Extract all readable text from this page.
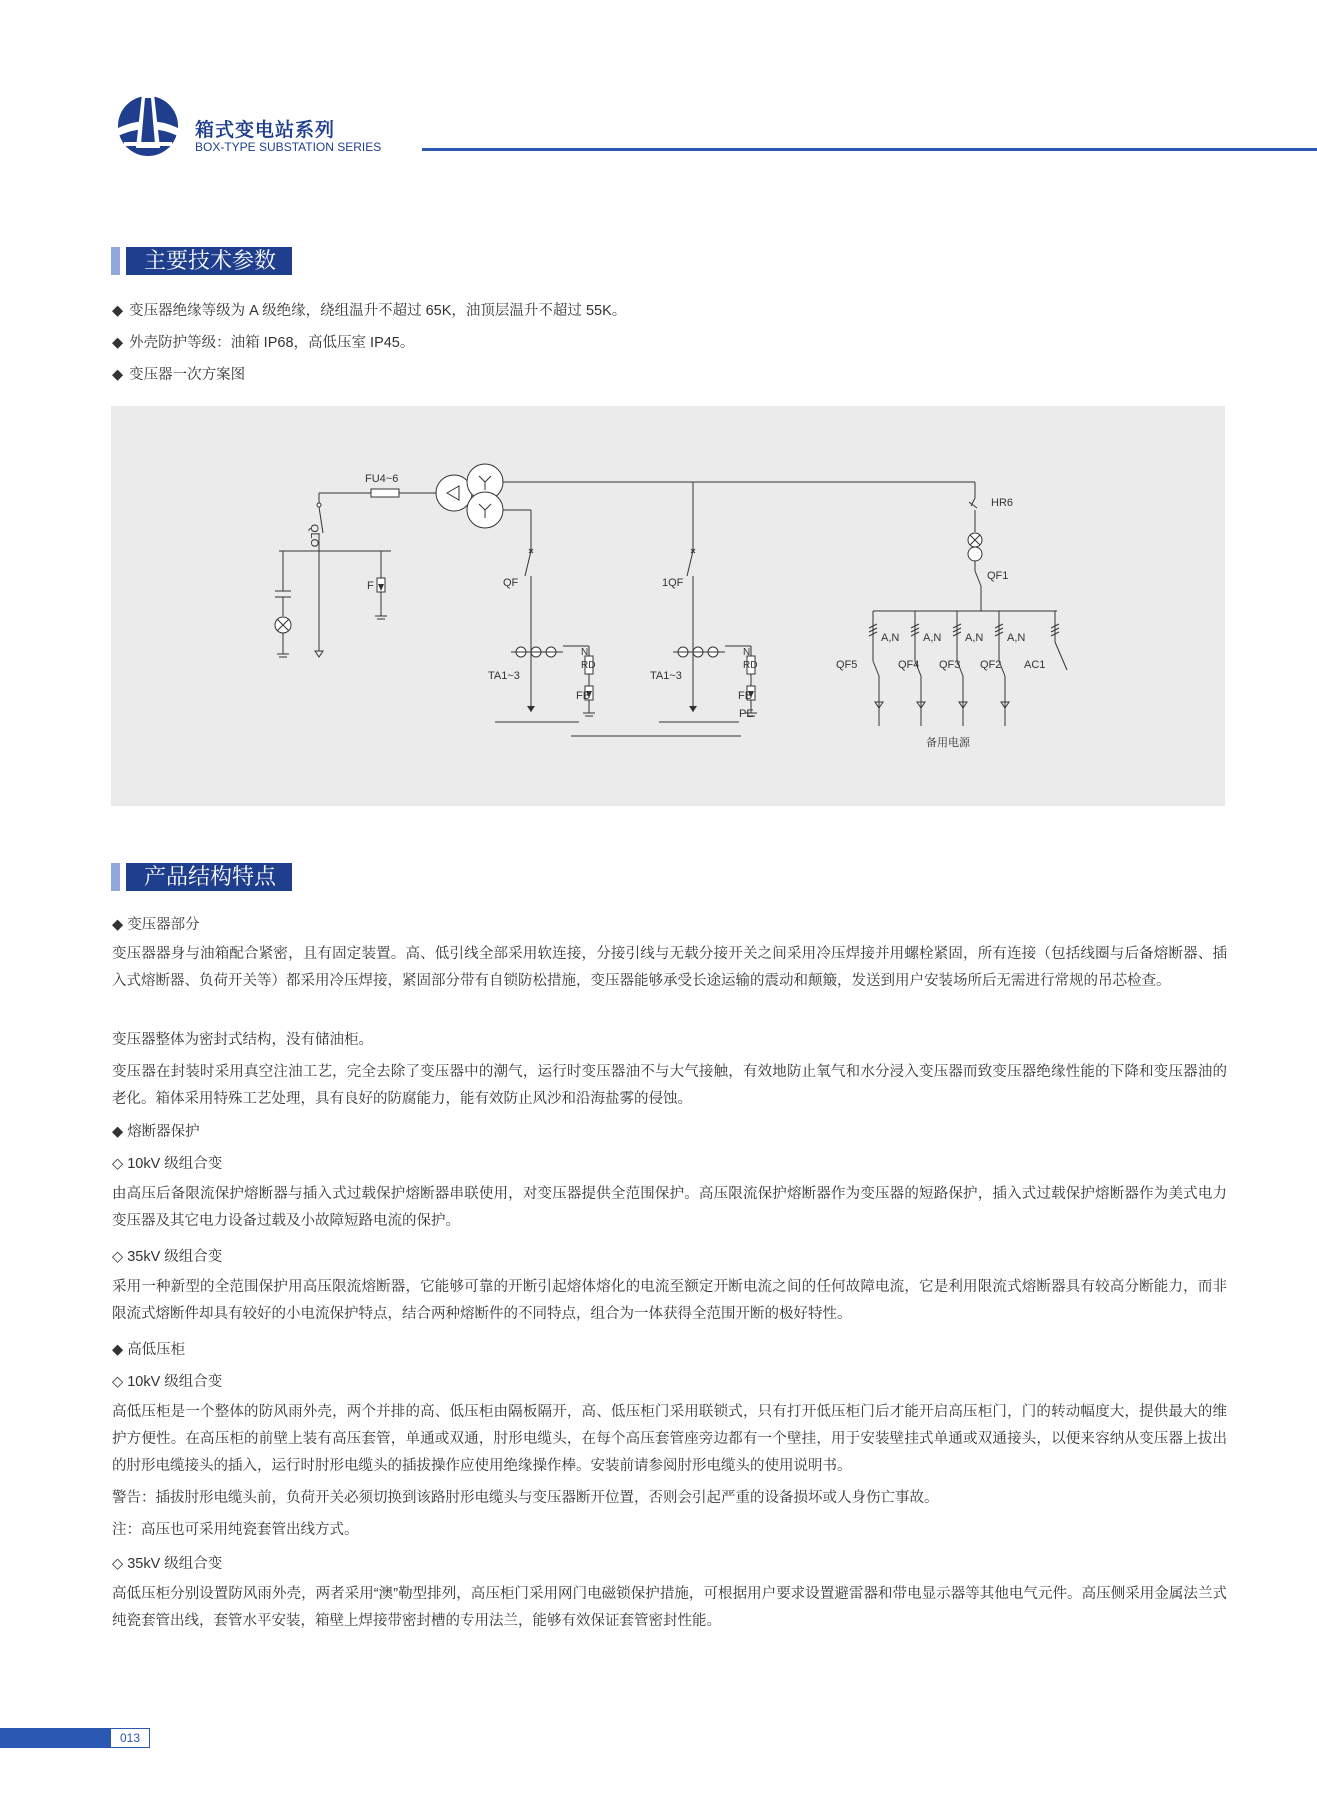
箱式变电站系列
BOX-TYPE SUBSTATION SERIES
主要技术参数
◆ 变压器绝缘等级为 A 级绝缘，绕组温升不超过 65K，油顶层温升不超过 55K。
◆ 外壳防护等级：油箱 IP68，高低压室 IP45。
◆ 变压器一次方案图
QLO
FU4~6
F	QF
TA1~3
N
RD
FB
1QF
TA1~3
N
RD
FB
PE
HR6
QF1
A,N A,N A,N A,N
QF5	QF4 QF3 QF2 AC1
备用电源
产品结构特点
◆ 变压器部分
变压器器身与油箱配合紧密，且有固定装置。高、低引线全部采用软连接，分接引线与无载分接开关之间采用冷压焊接并用螺栓紧固，所有连接（包括线圈与后备熔断器、插入式熔断器、负荷开关等）都采用冷压焊接，紧固部分带有自锁防松措施，变压器能够承受长途运输的震动和颠簸，发送到用户安装场所后无需进行常规的吊芯检查。
变压器整体为密封式结构，没有储油柜。
变压器在封装时采用真空注油工艺，完全去除了变压器中的潮气，运行时变压器油不与大气接触，有效地防止氧气和水分浸入变压器而致变压器绝缘性能的下降和变压器油的老化。箱体采用特殊工艺处理，具有良好的防腐能力，能有效防止风沙和沿海盐雾的侵蚀。
◆ 熔断器保护
◇ 10kV 级组合变
由高压后备限流保护熔断器与插入式过载保护熔断器串联使用，对变压器提供全范围保护。高压限流保护熔断器作为变压器的短路保护，插入式过载保护熔断器作为美式电力变压器及其它电力设备过载及小故障短路电流的保护。
◇ 35kV 级组合变
采用一种新型的全范围保护用高压限流熔断器，它能够可靠的开断引起熔体熔化的电流至额定开断电流之间的任何故障电流，它是利用限流式熔断器具有较高分断能力，而非限流式熔断件却具有较好的小电流保护特点，结合两种熔断件的不同特点，组合为一体获得全范围开断的极好特性。
◆ 高低压柜
◇ 10kV 级组合变
高低压柜是一个整体的防风雨外壳，两个并排的高、低压柜由隔板隔开，高、低压柜门采用联锁式，只有打开低压柜门后才能开启高压柜门，门的转动幅度大，提供最大的维护方便性。在高压柜的前壁上装有高压套管，单通或双通，肘形电缆头，在每个高压套管座旁边都有一个壁挂，用于安装壁挂式单通或双通接头，以便来容纳从变压器上拔出的肘形电缆接头的插入，运行时肘形电缆头的插拔操作应使用绝缘操作棒。安装前请参阅肘形电缆头的使用说明书。
警告：插拔肘形电缆头前，负荷开关必须切换到该路肘形电缆头与变压器断开位置，否则会引起严重的设备损坏或人身伤亡事故。
注：高压也可采用纯瓷套管出线方式。
◇ 35kV 级组合变
高低压柜分别设置防风雨外壳，两者采用“澳”勒型排列，高压柜门采用网门电磁锁保护措施，可根据用户要求设置避雷器和带电显示器等其他电气元件。高压侧采用金属法兰式纯瓷套管出线，套管水平安装，箱壁上焊接带密封槽的专用法兰，能够有效保证套管密封性能。
013
